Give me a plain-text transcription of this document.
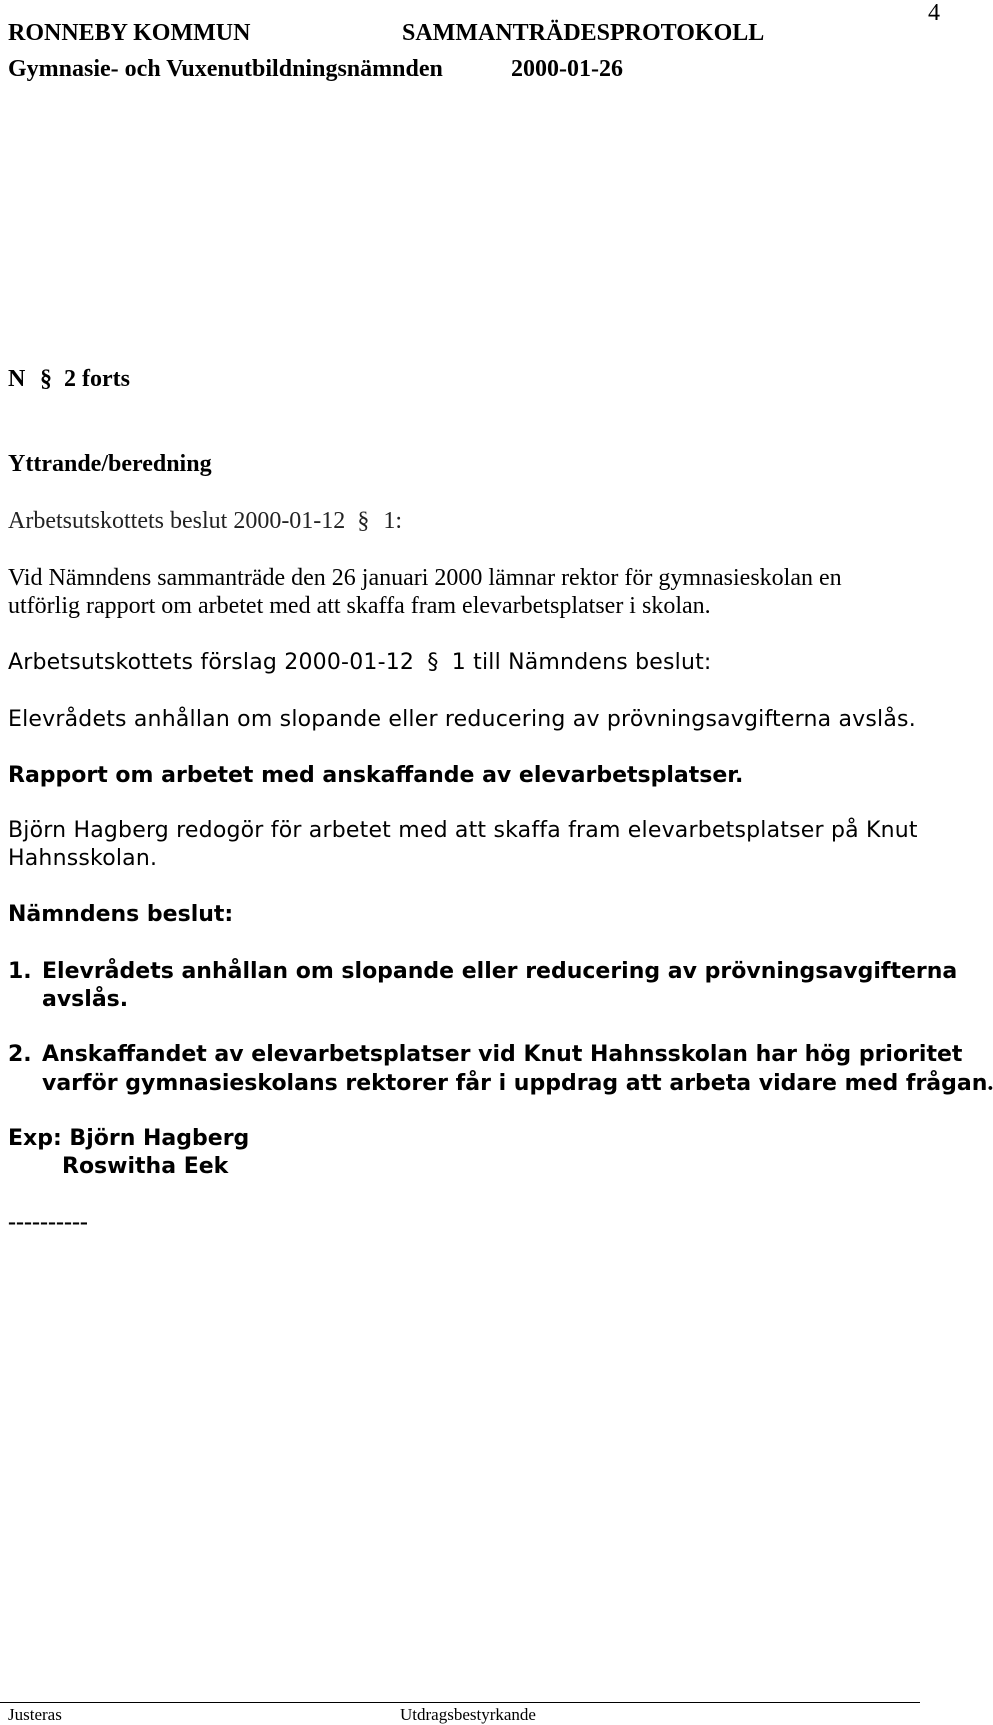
4
RONNEBY KOMMUN	SAMMANTRÄDESPROTOKOLL
Gymnasie- och Vuxenutbildningsnämnden	2000-01-26
N § 2 forts
Yttrande/beredning
Arbetsutskottets beslut 2000-01-12 § 1:
Vid Nämndens sammanträde den 26 januari 2000 lämnar rektor för gymnasieskolan en
utförlig rapport om arbetet med att skaffa fram elevarbetsplatser i skolan.
Arbetsutskottets förslag 2000-01-12 § 1 till Nämndens beslut:
Elevrådets anhållan om slopande eller reducering av prövningsavgifterna avslås.
Rapport om arbetet med anskaffande av elevarbetsplatser.
Björn Hagberg redogör för arbetet med att skaffa fram elevarbetsplatser på Knut
Hahnsskolan.
Nämndens beslut:
1. Elevrådets anhållan om slopande eller reducering av prövningsavgifterna
avslås.
2. Anskaffandet av elevarbetsplatser vid Knut Hahnsskolan har hög prioritet
varför gymnasieskolans rektorer får i uppdrag att arbeta vidare med frågan.
Exp: Björn Hagberg
Roswitha Eek
----------
Justeras	Utdragsbestyrkande
